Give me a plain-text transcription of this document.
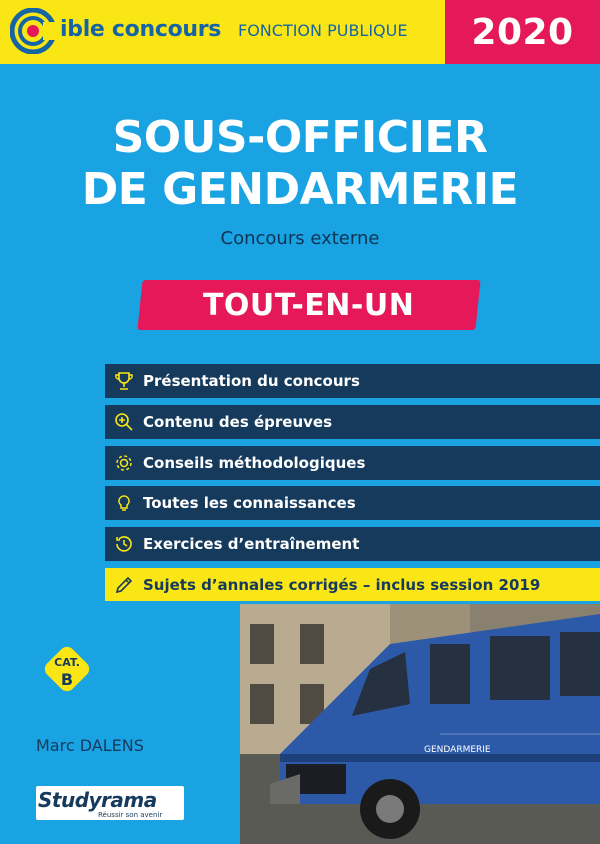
ible concours FONCTION PUBLIQUE 2020
SOUS-OFFICIER
DE GENDARMERIE
Concours externe
TOUT-EN-UN
Présentation du concours
Contenu des épreuves
Conseils méthodologiques
Toutes les connaissances
Exercices d’entraînement
Sujets d’annales corrigés – inclus session 2019
GENDARMERIE
CAT.
B
Marc DALENS
Studyrama
Réussir son avenir
